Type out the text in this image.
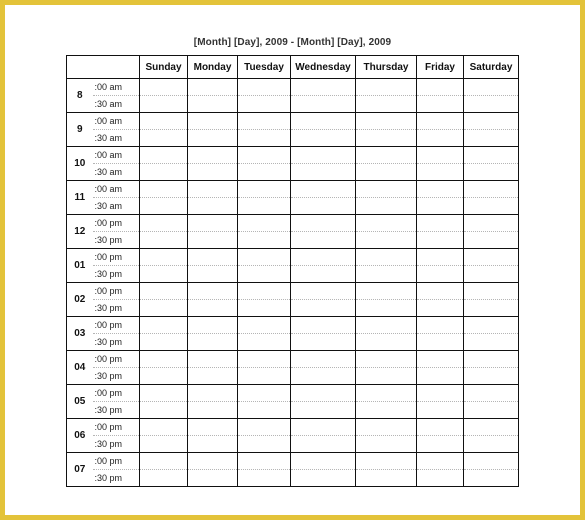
[Month] [Day], 2009 - [Month] [Day], 2009
		Sunday	Monday	Tuesday	Wednesday	Thursday	Friday	Saturday
8	:00 am							
	:30 am							
9	:00 am							
	:30 am							
10	:00 am							
	:30 am							
11	:00 am							
	:30 am							
12	:00 pm							
	:30 pm							
01	:00 pm							
	:30 pm							
02	:00 pm							
	:30 pm							
03	:00 pm							
	:30 pm							
04	:00 pm							
	:30 pm							
05	:00 pm							
	:30 pm							
06	:00 pm							
	:30 pm							
07	:00 pm							
	:30 pm							
